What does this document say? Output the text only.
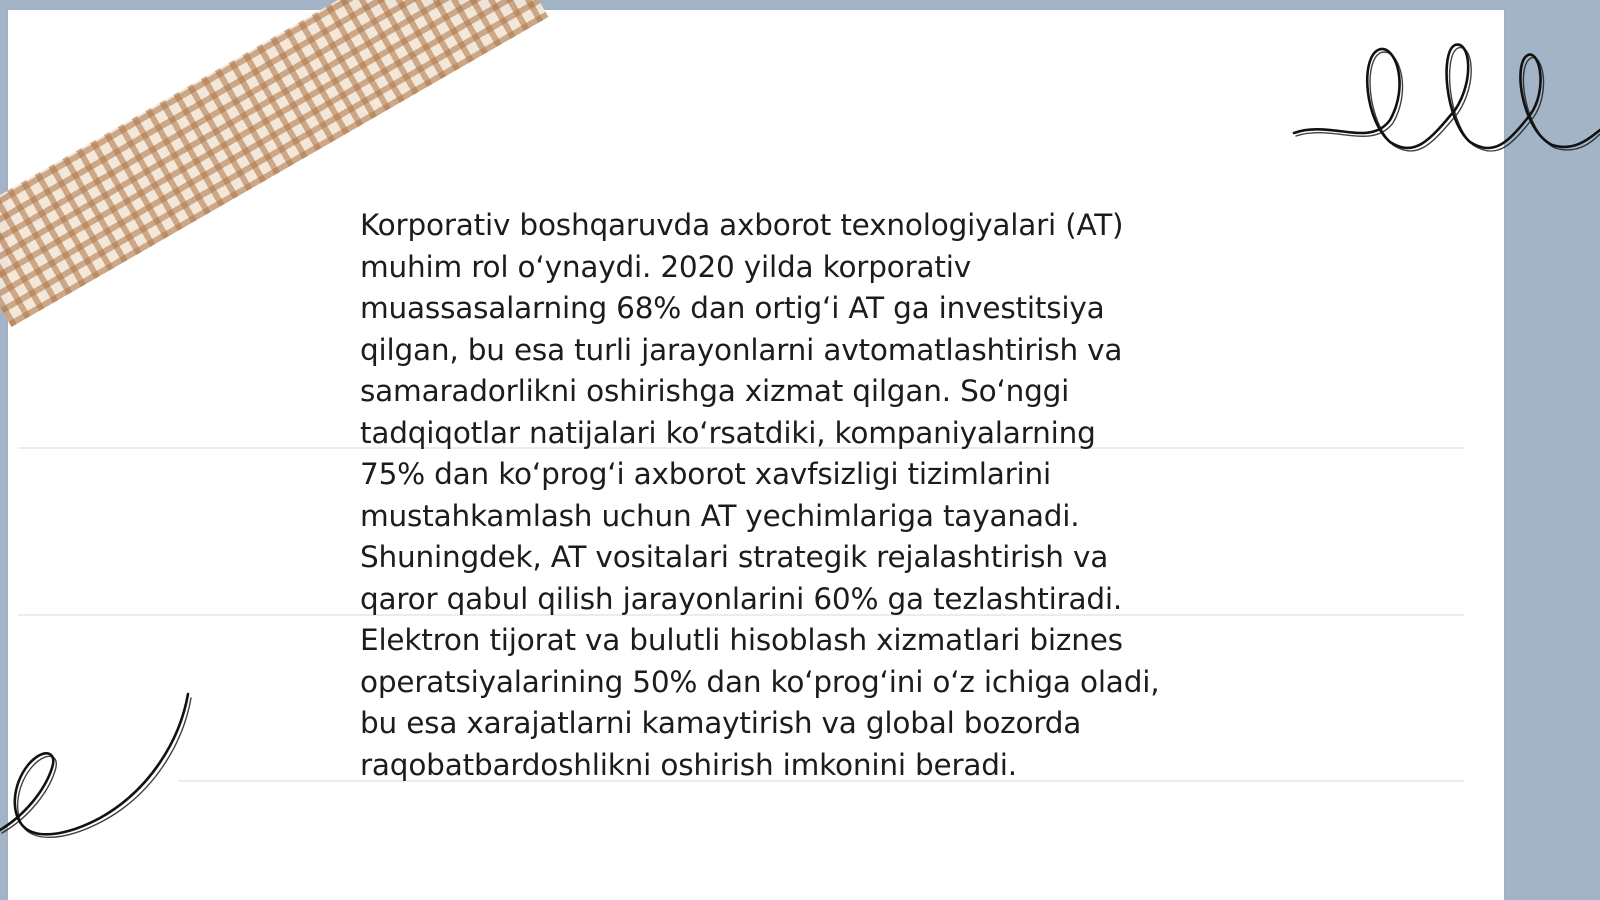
Korporativ boshqaruvda axborot texnologiyalari (AT)
muhim rol o‘ynaydi. 2020 yilda korporativ
muassasalarning 68% dan ortig‘i AT ga investitsiya
qilgan, bu esa turli jarayonlarni avtomatlashtirish va
samaradorlikni oshirishga xizmat qilgan. So‘nggi
tadqiqotlar natijalari ko‘rsatdiki, kompaniyalarning
75% dan ko‘prog‘i axborot xavfsizligi tizimlarini
mustahkamlash uchun AT yechimlariga tayanadi.
Shuningdek, AT vositalari strategik rejalashtirish va
qaror qabul qilish jarayonlarini 60% ga tezlashtiradi.
Elektron tijorat va bulutli hisoblash xizmatlari biznes
operatsiyalarining 50% dan ko‘prog‘ini o‘z ichiga oladi,
bu esa xarajatlarni kamaytirish va global bozorda
raqobatbardoshlikni oshirish imkonini beradi.
